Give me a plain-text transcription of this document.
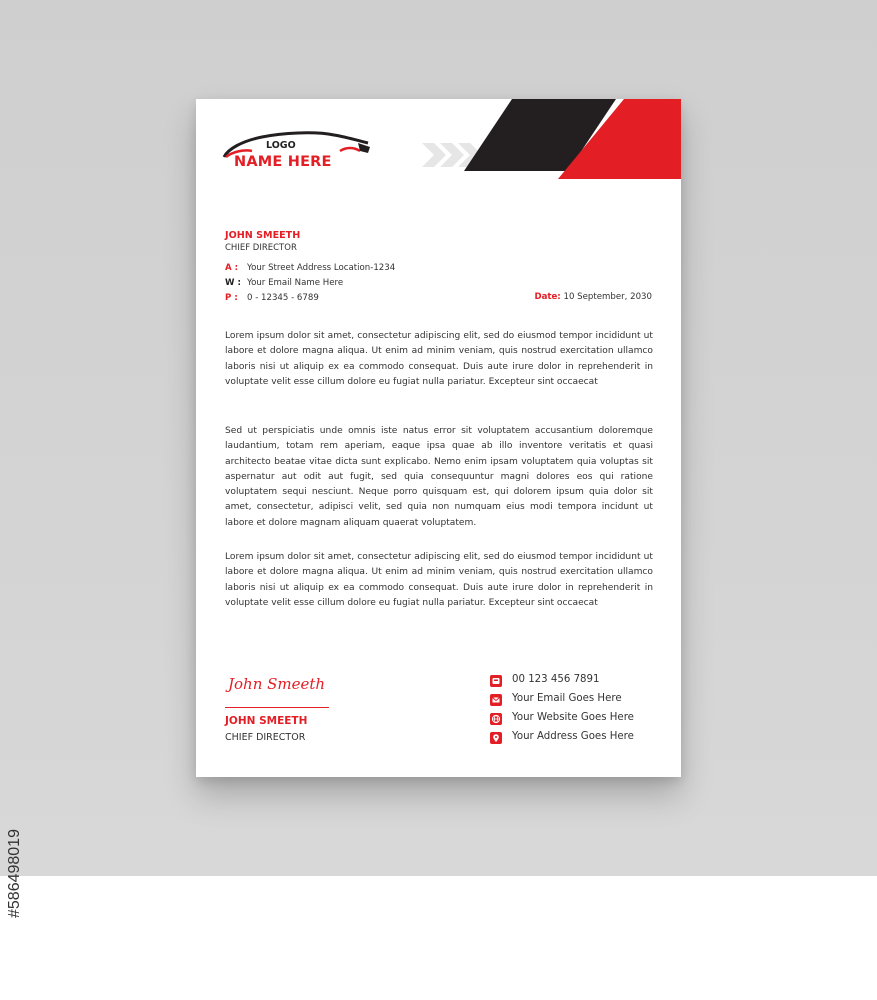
#586498019
LOGO
NAME HERE
JOHN SMEETH
CHIEF DIRECTOR
A : Your Street Address Location-1234
W : Your Email Name Here
P : 0 - 12345 - 6789	Date: 10 September, 2030

Lorem ipsum dolor sit amet, consectetur adipiscing elit, sed do eiusmod tempor incididunt ut labore et dolore magna aliqua. Ut enim ad minim veniam, quis nostrud exercitation ullamco laboris nisi ut aliquip ex ea commodo consequat. Duis aute irure dolor in reprehenderit in voluptate velit esse cillum dolore eu fugiat nulla pariatur. Excepteur sint occaecat

Sed ut perspiciatis unde omnis iste natus error sit voluptatem accusantium doloremque laudantium, totam rem aperiam, eaque ipsa quae ab illo inventore veritatis et quasi architecto beatae vitae dicta sunt explicabo. Nemo enim ipsam voluptatem quia voluptas sit aspernatur aut odit aut fugit, sed quia consequuntur magni dolores eos qui ratione voluptatem sequi nesciunt. Neque porro quisquam est, qui dolorem ipsum quia dolor sit amet, consectetur, adipisci velit, sed quia non numquam eius modi tempora incidunt ut labore et dolore magnam aliquam quaerat voluptatem.

Lorem ipsum dolor sit amet, consectetur adipiscing elit, sed do eiusmod tempor incididunt ut labore et dolore magna aliqua. Ut enim ad minim veniam, quis nostrud exercitation ullamco laboris nisi ut aliquip ex ea commodo consequat. Duis aute irure dolor in reprehenderit in voluptate velit esse cillum dolore eu fugiat nulla pariatur. Excepteur sint occaecat

John Smeeth
JOHN SMEETH
CHIEF DIRECTOR
00 123 456 7891
Your Email Goes Here
Your Website Goes Here
Your Address Goes Here
